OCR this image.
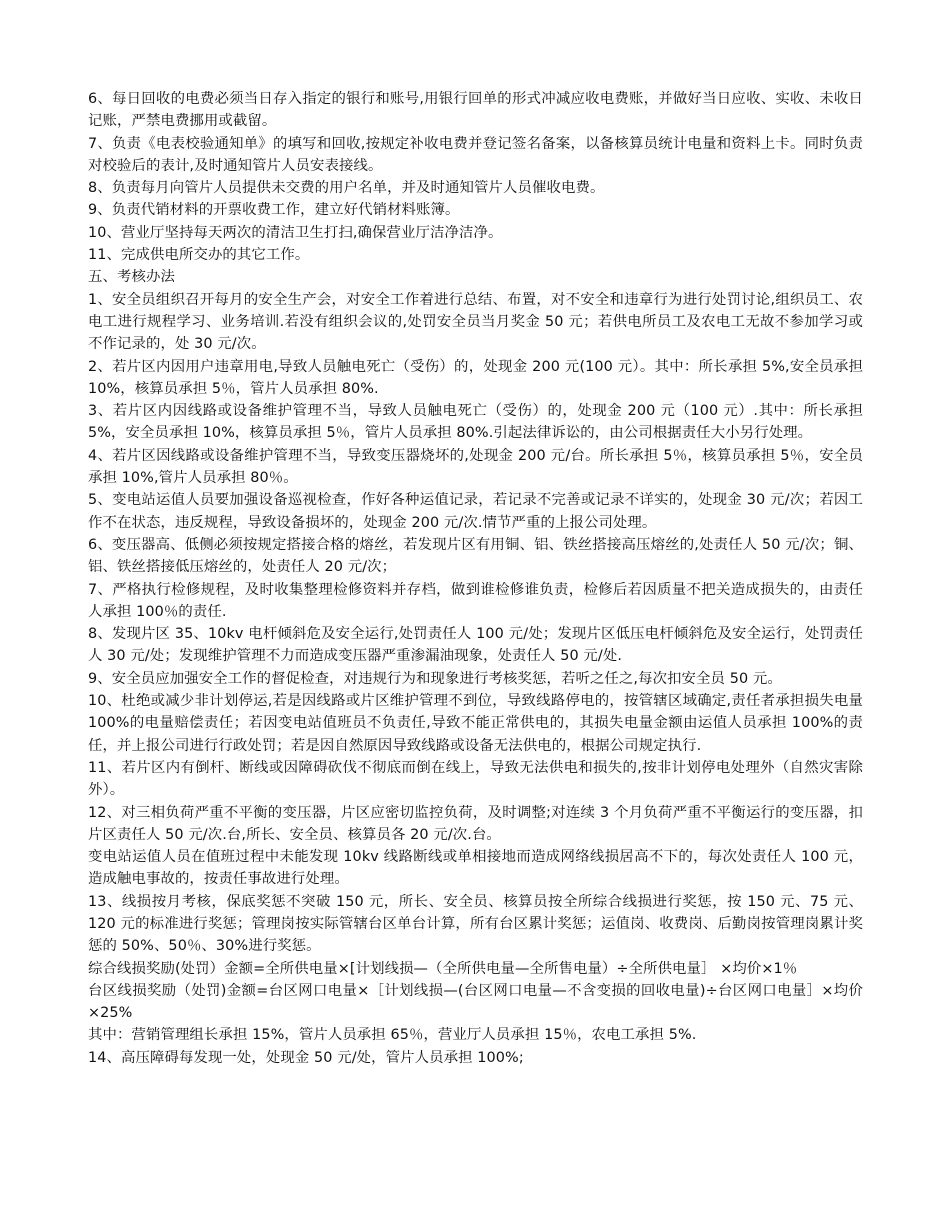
6、每日回收的电费必须当日存入指定的银行和账号,用银行回单的形式冲减应收电费账，并做好当日应收、实收、未收日记账，严禁电费挪用或截留。

7、负责《电表校验通知单》的填写和回收,按规定补收电费并登记签名备案，以备核算员统计电量和资料上卡。同时负责对校验后的表计,及时通知管片人员安表接线。

8、负责每月向管片人员提供未交费的用户名单，并及时通知管片人员催收电费。

9、负责代销材料的开票收费工作，建立好代销材料账簿。

10、营业厅坚持每天两次的清洁卫生打扫,确保营业厅洁净洁净。

11、完成供电所交办的其它工作。

五、考核办法

1、安全员组织召开每月的安全生产会，对安全工作着进行总结、布置，对不安全和违章行为进行处罚讨论,组织员工、农电工进行规程学习、业务培训.若没有组织会议的,处罚安全员当月奖金 50 元；若供电所员工及农电工无故不参加学习或不作记录的，处 30 元/次。

2、若片区内因用户违章用电,导致人员触电死亡（受伤）的，处现金 200 元(100 元）。其中：所长承担 5%,安全员承担 10%，核算员承担 5％，管片人员承担 80%.

3、若片区内因线路或设备维护管理不当，导致人员触电死亡（受伤）的，处现金 200 元（100 元）.其中：所长承担 5%，安全员承担 10%，核算员承担 5％，管片人员承担 80%.引起法律诉讼的，由公司根据责任大小另行处理。

4、若片区因线路或设备维护管理不当，导致变压器烧坏的,处现金 200 元/台。所长承担 5％，核算员承担 5％，安全员承担 10%,管片人员承担 80％。

5、变电站运值人员要加强设备巡视检查，作好各种运值记录，若记录不完善或记录不详实的，处现金 30 元/次；若因工作不在状态，违反规程，导致设备损坏的，处现金 200 元/次.情节严重的上报公司处理。

6、变压器高、低侧必须按规定搭接合格的熔丝，若发现片区有用铜、铝、铁丝搭接高压熔丝的,处责任人 50 元/次；铜、铝、铁丝搭接低压熔丝的，处责任人 20 元/次；

7、严格执行检修规程，及时收集整理检修资料并存档，做到谁检修谁负责，检修后若因质量不把关造成损失的，由责任人承担 100％的责任.

8、发现片区 35、10kv 电杆倾斜危及安全运行,处罚责任人 100 元/处；发现片区低压电杆倾斜危及安全运行，处罚责任人 30 元/处；发现维护管理不力而造成变压器严重渗漏油现象，处责任人 50 元/处.

9、安全员应加强安全工作的督促检查，对违规行为和现象进行考核奖惩，若听之任之,每次扣安全员 50 元。

10、杜绝或减少非计划停运,若是因线路或片区维护管理不到位，导致线路停电的，按管辖区域确定,责任者承担损失电量 100%的电量赔偿责任；若因变电站值班员不负责任,导致不能正常供电的，其损失电量金额由运值人员承担 100%的责任，并上报公司进行行政处罚；若是因自然原因导致线路或设备无法供电的，根据公司规定执行.

11、若片区内有倒杆、断线或因障碍砍伐不彻底而倒在线上，导致无法供电和损失的,按非计划停电处理外（自然灾害除外）。

12、对三相负荷严重不平衡的变压器，片区应密切监控负荷，及时调整;对连续 3 个月负荷严重不平衡运行的变压器，扣片区责任人 50 元/次.台,所长、安全员、核算员各 20 元/次.台。

变电站运值人员在值班过程中未能发现 10kv 线路断线或单相接地而造成网络线损居高不下的，每次处责任人 100 元，造成触电事故的，按责任事故进行处理。

13、线损按月考核，保底奖惩不突破 150 元，所长、安全员、核算员按全所综合线损进行奖惩，按 150 元、75 元、120 元的标准进行奖惩；管理岗按实际管辖台区单台计算，所有台区累计奖惩；运值岗、收费岗、后勤岗按管理岗累计奖惩的 50%、50％、30%进行奖惩。

综合线损奖励(处罚）金额=全所供电量×[计划线损—（全所供电量—全所售电量）÷全所供电量］ ×均价×1％

台区线损奖励（处罚)金额=台区网口电量×［计划线损—(台区网口电量—不含变损的回收电量)÷台区网口电量］×均价×25%

其中：营销管理组长承担 15%，管片人员承担 65％，营业厅人员承担 15％，农电工承担 5%.

14、高压障碍每发现一处，处现金 50 元/处，管片人员承担 100%;
